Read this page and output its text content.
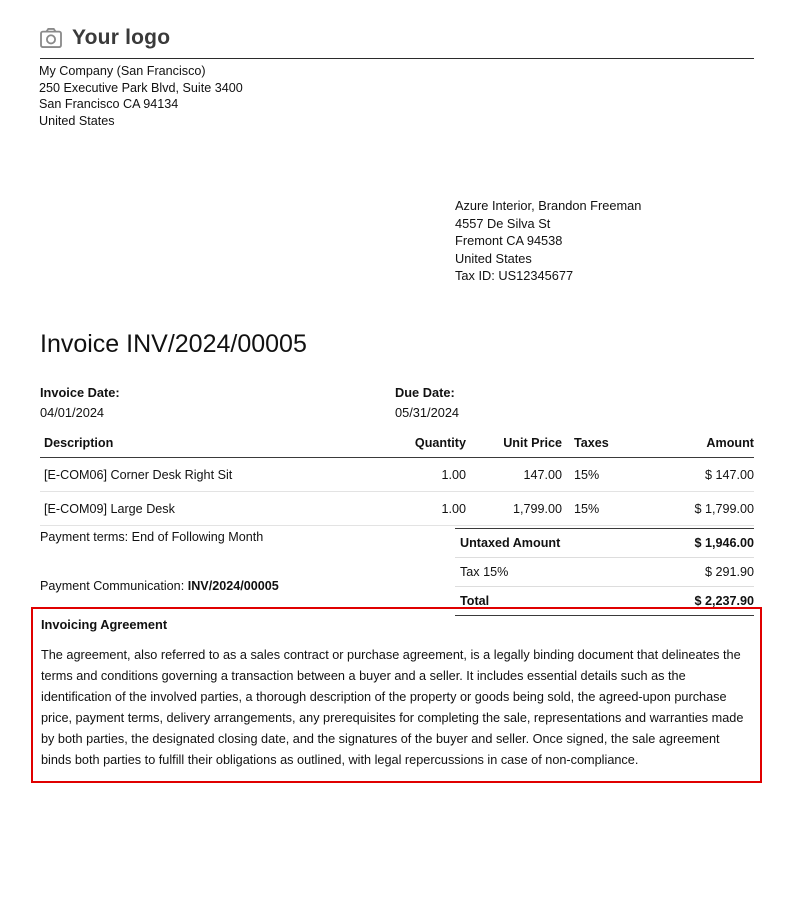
Your logo
My Company (San Francisco)
250 Executive Park Blvd, Suite 3400
San Francisco CA 94134
United States
Azure Interior, Brandon Freeman
4557 De Silva St
Fremont CA 94538
United States
Tax ID: US12345677
Invoice INV/2024/00005
Invoice Date:
04/01/2024
Due Date:
05/31/2024
Description	Quantity	Unit Price	Taxes	Amount
[E-COM06] Corner Desk Right Sit	1.00	147.00	15%	$ 147.00
[E-COM09] Large Desk	1.00	1,799.00	15%	$ 1,799.00
Payment terms: End of Following Month
Payment Communication: INV/2024/00005
Untaxed Amount	$ 1,946.00
Tax 15%	$ 291.90
Total	$ 2,237.90
Invoicing Agreement
The agreement, also referred to as a sales contract or purchase agreement, is a legally binding document that delineates the terms and conditions governing a transaction between a buyer and a seller. It includes essential details such as the identification of the involved parties, a thorough description of the property or goods being sold, the agreed-upon purchase price, payment terms, delivery arrangements, any prerequisites for completing the sale, representations and warranties made by both parties, the designated closing date, and the signatures of the buyer and seller. Once signed, the sale agreement binds both parties to fulfill their obligations as outlined, with legal repercussions in case of non-compliance.
